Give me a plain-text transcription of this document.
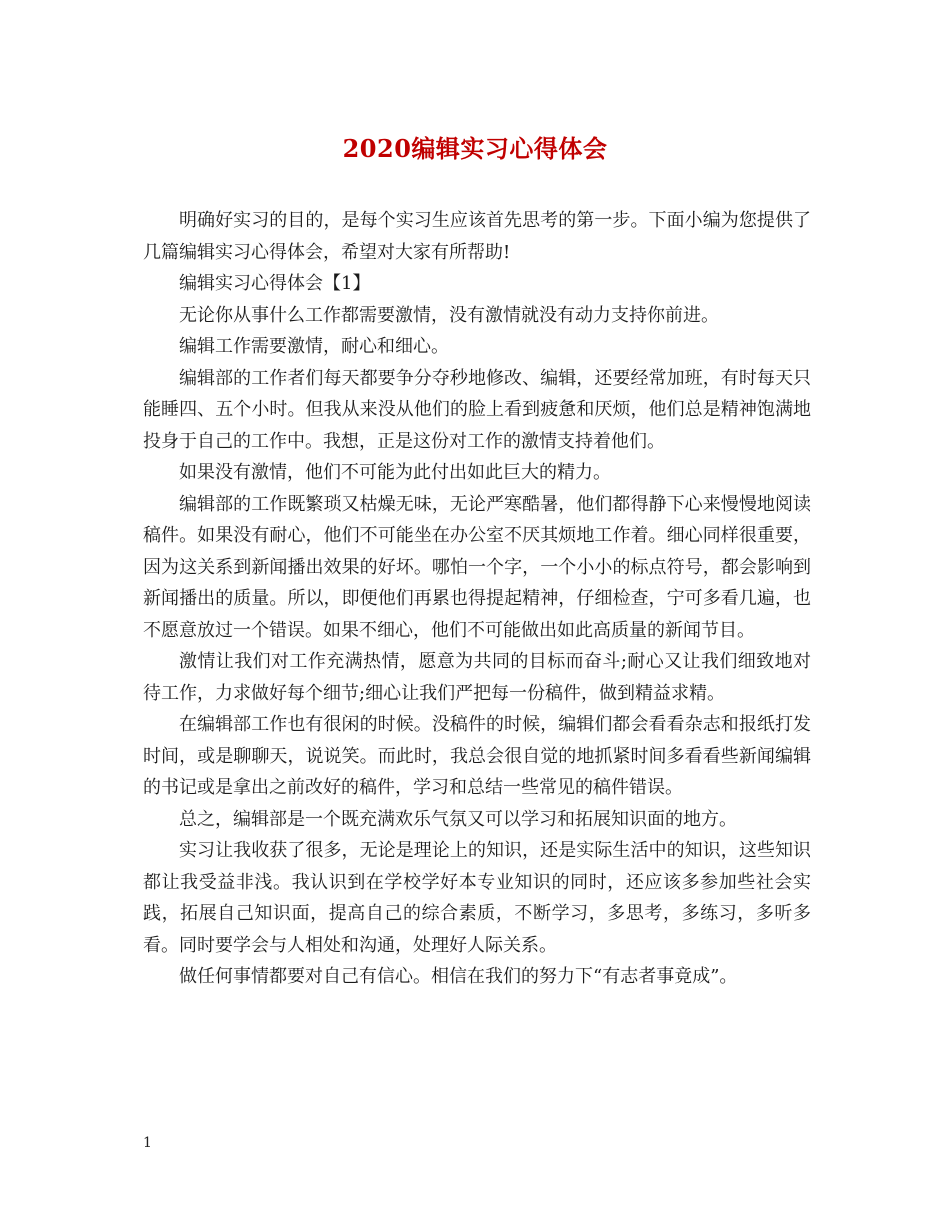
2020编辑实习心得体会

明确好实习的目的，是每个实习生应该首先思考的第一步。下面小编为您提供了几篇编辑实习心得体会，希望对大家有所帮助!

编辑实习心得体会【1】

无论你从事什么工作都需要激情，没有激情就没有动力支持你前进。

编辑工作需要激情，耐心和细心。

编辑部的工作者们每天都要争分夺秒地修改、编辑，还要经常加班，有时每天只能睡四、五个小时。但我从来没从他们的脸上看到疲惫和厌烦，他们总是精神饱满地投身于自己的工作中。我想，正是这份对工作的激情支持着他们。

如果没有激情，他们不可能为此付出如此巨大的精力。

编辑部的工作既繁琐又枯燥无味，无论严寒酷暑，他们都得静下心来慢慢地阅读稿件。如果没有耐心，他们不可能坐在办公室不厌其烦地工作着。细心同样很重要，因为这关系到新闻播出效果的好坏。哪怕一个字，一个小小的标点符号，都会影响到新闻播出的质量。所以，即便他们再累也得提起精神，仔细检查，宁可多看几遍，也不愿意放过一个错误。如果不细心，他们不可能做出如此高质量的新闻节目。

激情让我们对工作充满热情，愿意为共同的目标而奋斗;耐心又让我们细致地对待工作，力求做好每个细节;细心让我们严把每一份稿件，做到精益求精。

在编辑部工作也有很闲的时候。没稿件的时候，编辑们都会看看杂志和报纸打发时间，或是聊聊天，说说笑。而此时，我总会很自觉的地抓紧时间多看看些新闻编辑的书记或是拿出之前改好的稿件，学习和总结一些常见的稿件错误。

总之，编辑部是一个既充满欢乐气氛又可以学习和拓展知识面的地方。

实习让我收获了很多，无论是理论上的知识，还是实际生活中的知识，这些知识都让我受益非浅。我认识到在学校学好本专业知识的同时，还应该多参加些社会实践，拓展自己知识面，提高自己的综合素质，不断学习，多思考，多练习，多听多看。同时要学会与人相处和沟通，处理好人际关系。

做任何事情都要对自己有信心。相信在我们的努力下“有志者事竟成”。

1
